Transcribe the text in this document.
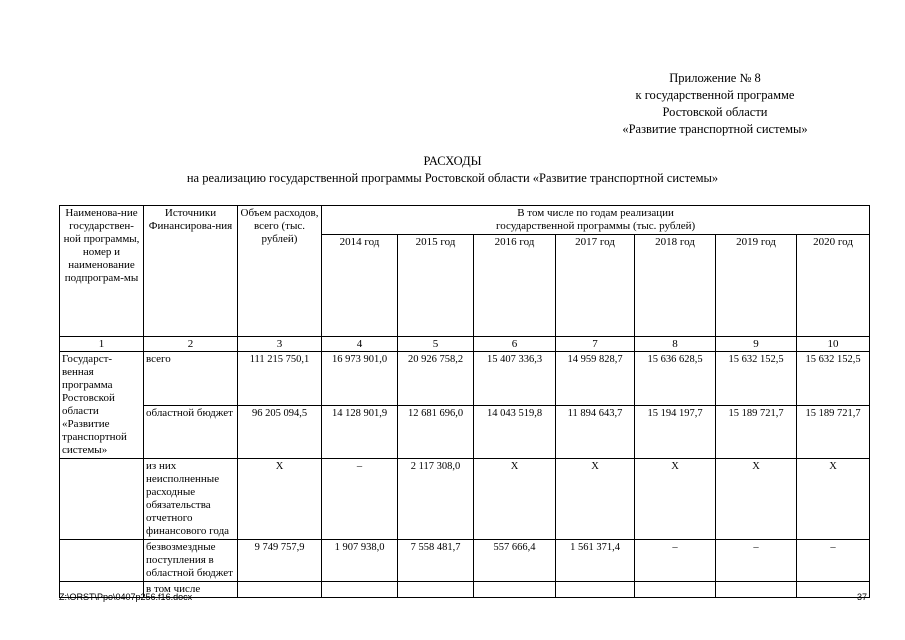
Приложение № 8
к государственной программе
Ростовской области
«Развитие транспортной системы»
РАСХОДЫ
на реализацию государственной программы Ростовской области «Развитие транспортной системы»
Наименова-ние государствен-ной программы, номер и наименование подпрограм-мы	Источники Финансирова-ния	Объем расходов, всего (тыс. рублей)	В том числе по годам реализации
государственной программы (тыс. рублей)						

			2014 год	2015 год	2016 год	2017 год	2018 год	2019 год	2020 год
1	2	3	4	5	6	7	8	9	10
Государст-венная программа Ростовской области «Развитие транспортной системы»	всего	111 215 750,1	16 973 901,0	20 926 758,2	15 407 336,3	14 959 828,7	15 636 628,5	15 632 152,5	15 632 152,5
	областной бюджет	96 205 094,5	14 128 901,9	12 681 696,0	14 043 519,8	11 894 643,7	15 194 197,7	15 189 721,7	15 189 721,7
	из них неисполненные расходные обязательства отчетного финансового года	Х	–	2 117 308,0	Х	Х	Х	Х	Х
	безвозмездные поступления в областной бюджет	9 749 757,9	1 907 938,0	7 558 481,7	557 666,4	1 561 371,4	–	–	–
	в том числе								
Z:\ORST\Ppo\0407p256.f16.docx	37
